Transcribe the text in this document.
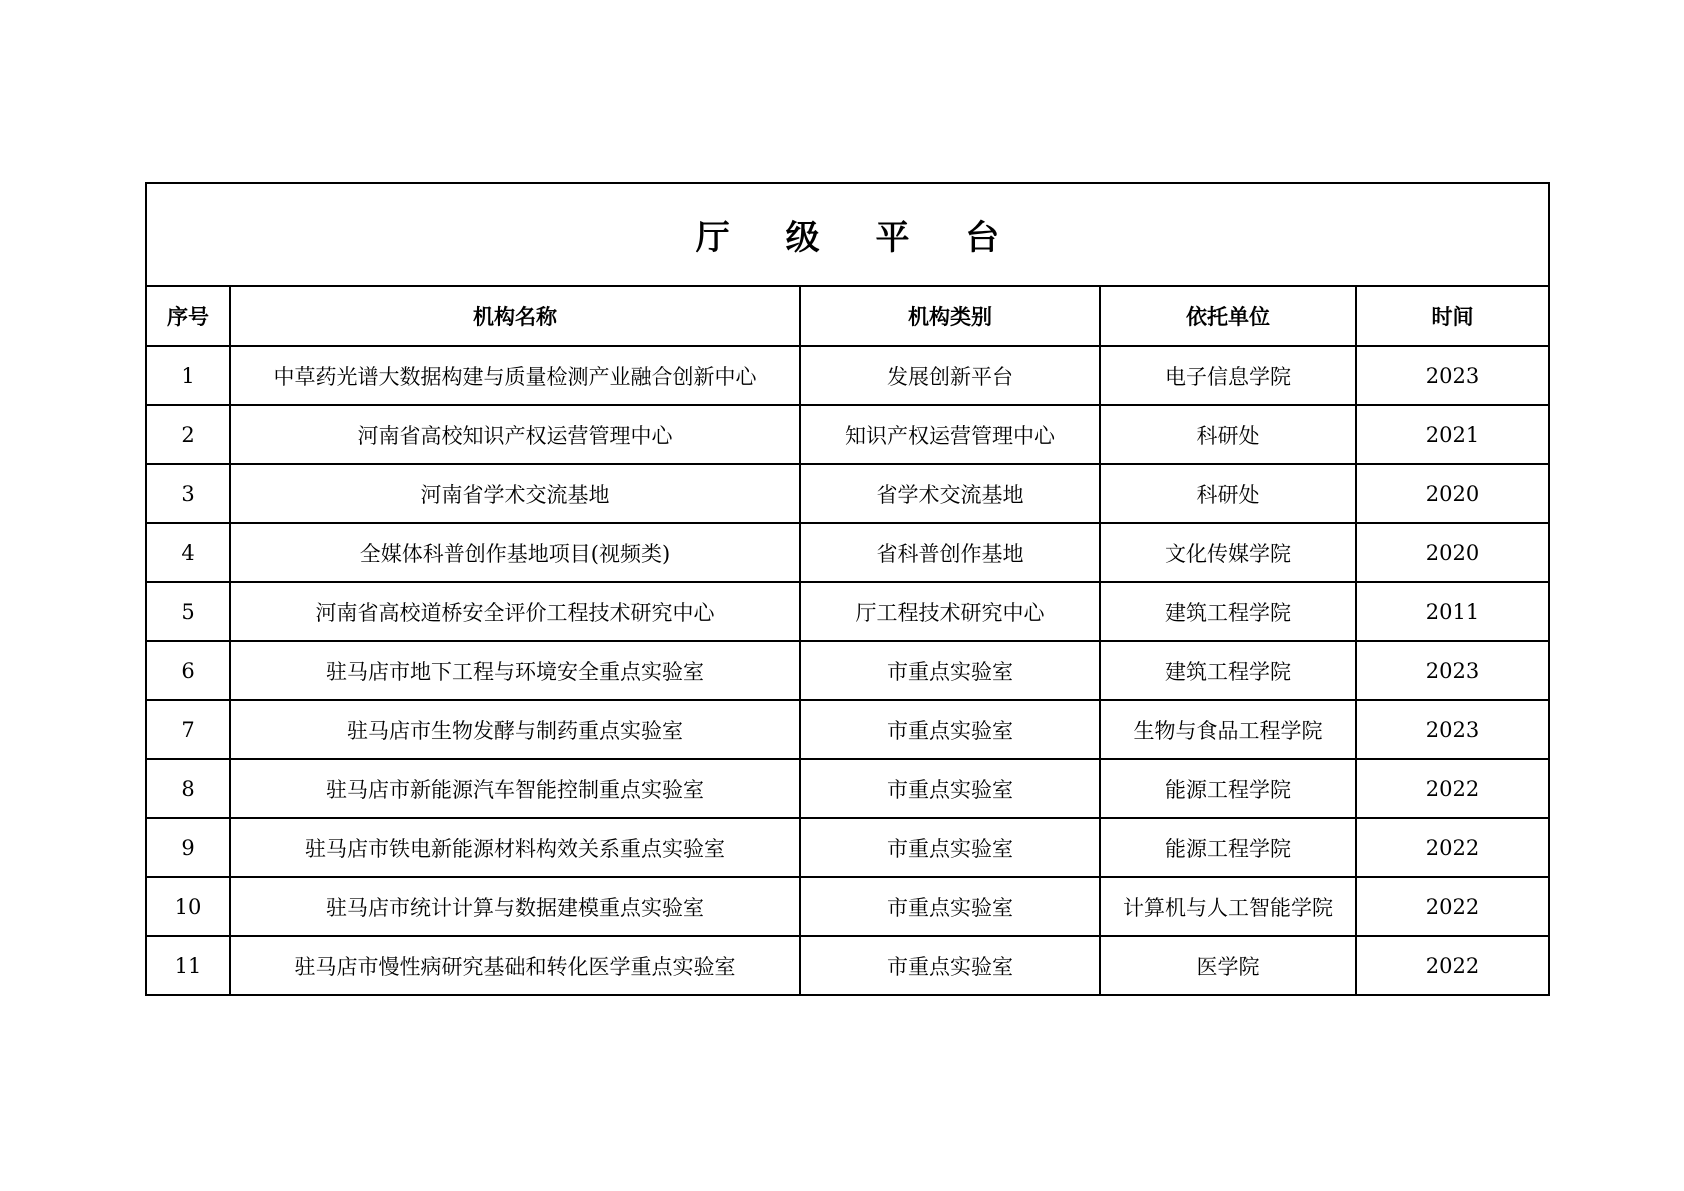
厅 级 平 台				
序号	机构名称	机构类别	依托单位	时间
1	中草药光谱大数据构建与质量检测产业融合创新中心	发展创新平台	电子信息学院	2023
2	河南省高校知识产权运营管理中心	知识产权运营管理中心	科研处	2021
3	河南省学术交流基地	省学术交流基地	科研处	2020
4	全媒体科普创作基地项目(视频类)	省科普创作基地	文化传媒学院	2020
5	河南省高校道桥安全评价工程技术研究中心	厅工程技术研究中心	建筑工程学院	2011
6	驻马店市地下工程与环境安全重点实验室	市重点实验室	建筑工程学院	2023
7	驻马店市生物发酵与制药重点实验室	市重点实验室	生物与食品工程学院	2023
8	驻马店市新能源汽车智能控制重点实验室	市重点实验室	能源工程学院	2022
9	驻马店市铁电新能源材料构效关系重点实验室	市重点实验室	能源工程学院	2022
10	驻马店市统计计算与数据建模重点实验室	市重点实验室	计算机与人工智能学院	2022
11	驻马店市慢性病研究基础和转化医学重点实验室	市重点实验室	医学院	2022
